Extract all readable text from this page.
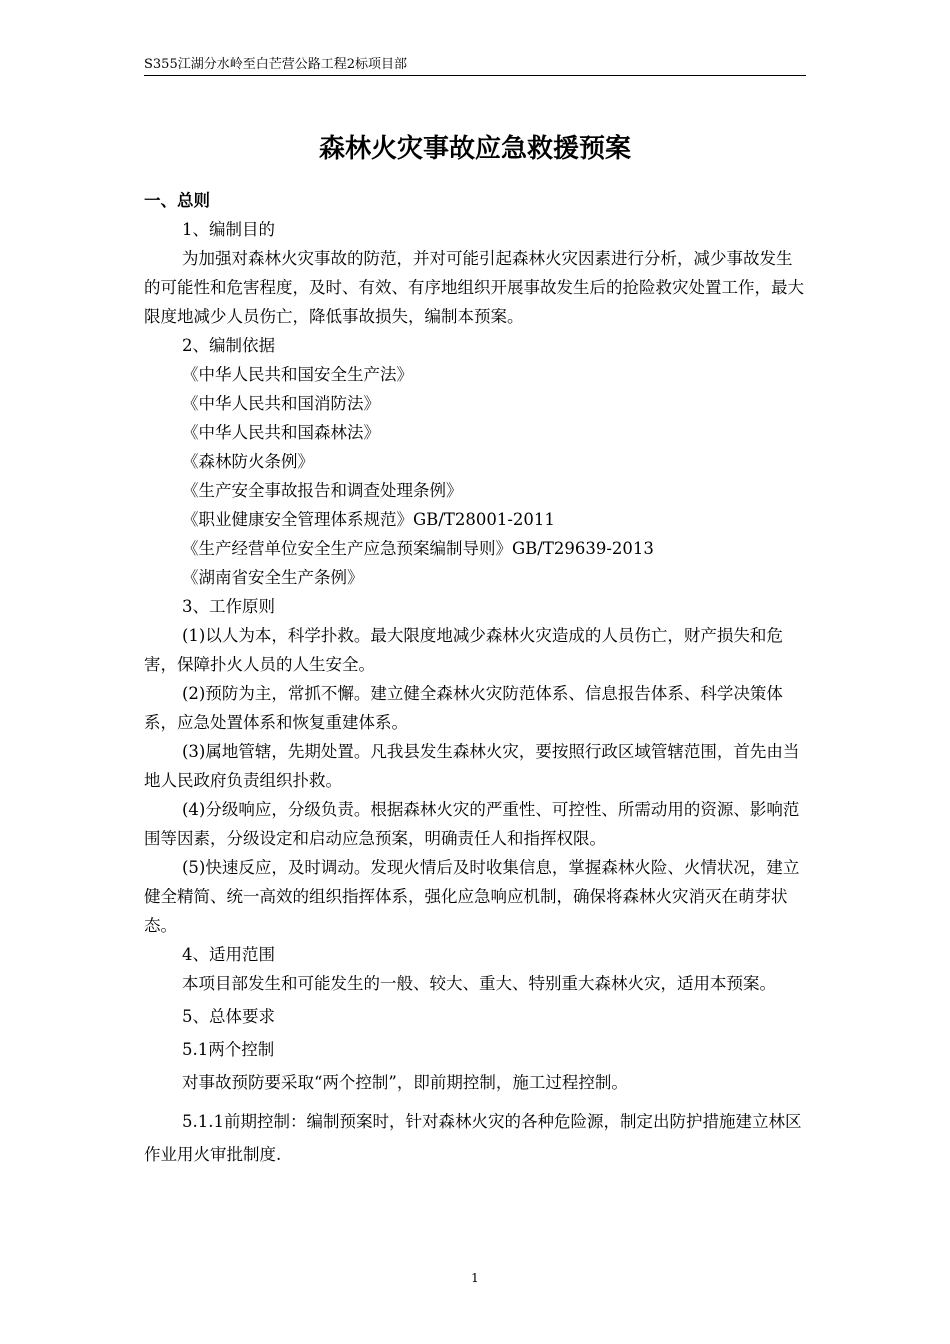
S355江湖分水岭至白芒营公路工程2标项目部
森林火灾事故应急救援预案
一、总则
1、编制目的
为加强对森林火灾事故的防范，并对可能引起森林火灾因素进行分析，减少事故发生的可能性和危害程度，及时、有效、有序地组织开展事故发生后的抢险救灾处置工作，最大限度地减少人员伤亡，降低事故损失，编制本预案。
2、编制依据
《中华人民共和国安全生产法》
《中华人民共和国消防法》
《中华人民共和国森林法》
《森林防火条例》
《生产安全事故报告和调查处理条例》
《职业健康安全管理体系规范》GB/T28001-2011
《生产经营单位安全生产应急预案编制导则》GB/T29639-2013
《湖南省安全生产条例》
3、工作原则
(1)以人为本，科学扑救。最大限度地减少森林火灾造成的人员伤亡，财产损失和危害，保障扑火人员的人生安全。
(2)预防为主，常抓不懈。建立健全森林火灾防范体系、信息报告体系、科学决策体系，应急处置体系和恢复重建体系。
(3)属地管辖，先期处置。凡我县发生森林火灾，要按照行政区域管辖范围，首先由当地人民政府负责组织扑救。
(4)分级响应，分级负责。根据森林火灾的严重性、可控性、所需动用的资源、影响范围等因素，分级设定和启动应急预案，明确责任人和指挥权限。
(5)快速反应，及时调动。发现火情后及时收集信息，掌握森林火险、火情状况，建立健全精简、统一高效的组织指挥体系，强化应急响应机制，确保将森林火灾消灭在萌芽状态。
4、适用范围
本项目部发生和可能发生的一般、较大、重大、特别重大森林火灾，适用本预案。
5、总体要求
5.1两个控制
对事故预防要采取“两个控制”，即前期控制，施工过程控制。
5.1.1前期控制：编制预案时，针对森林火灾的各种危险源，制定出防护措施建立林区作业用火审批制度.
1
